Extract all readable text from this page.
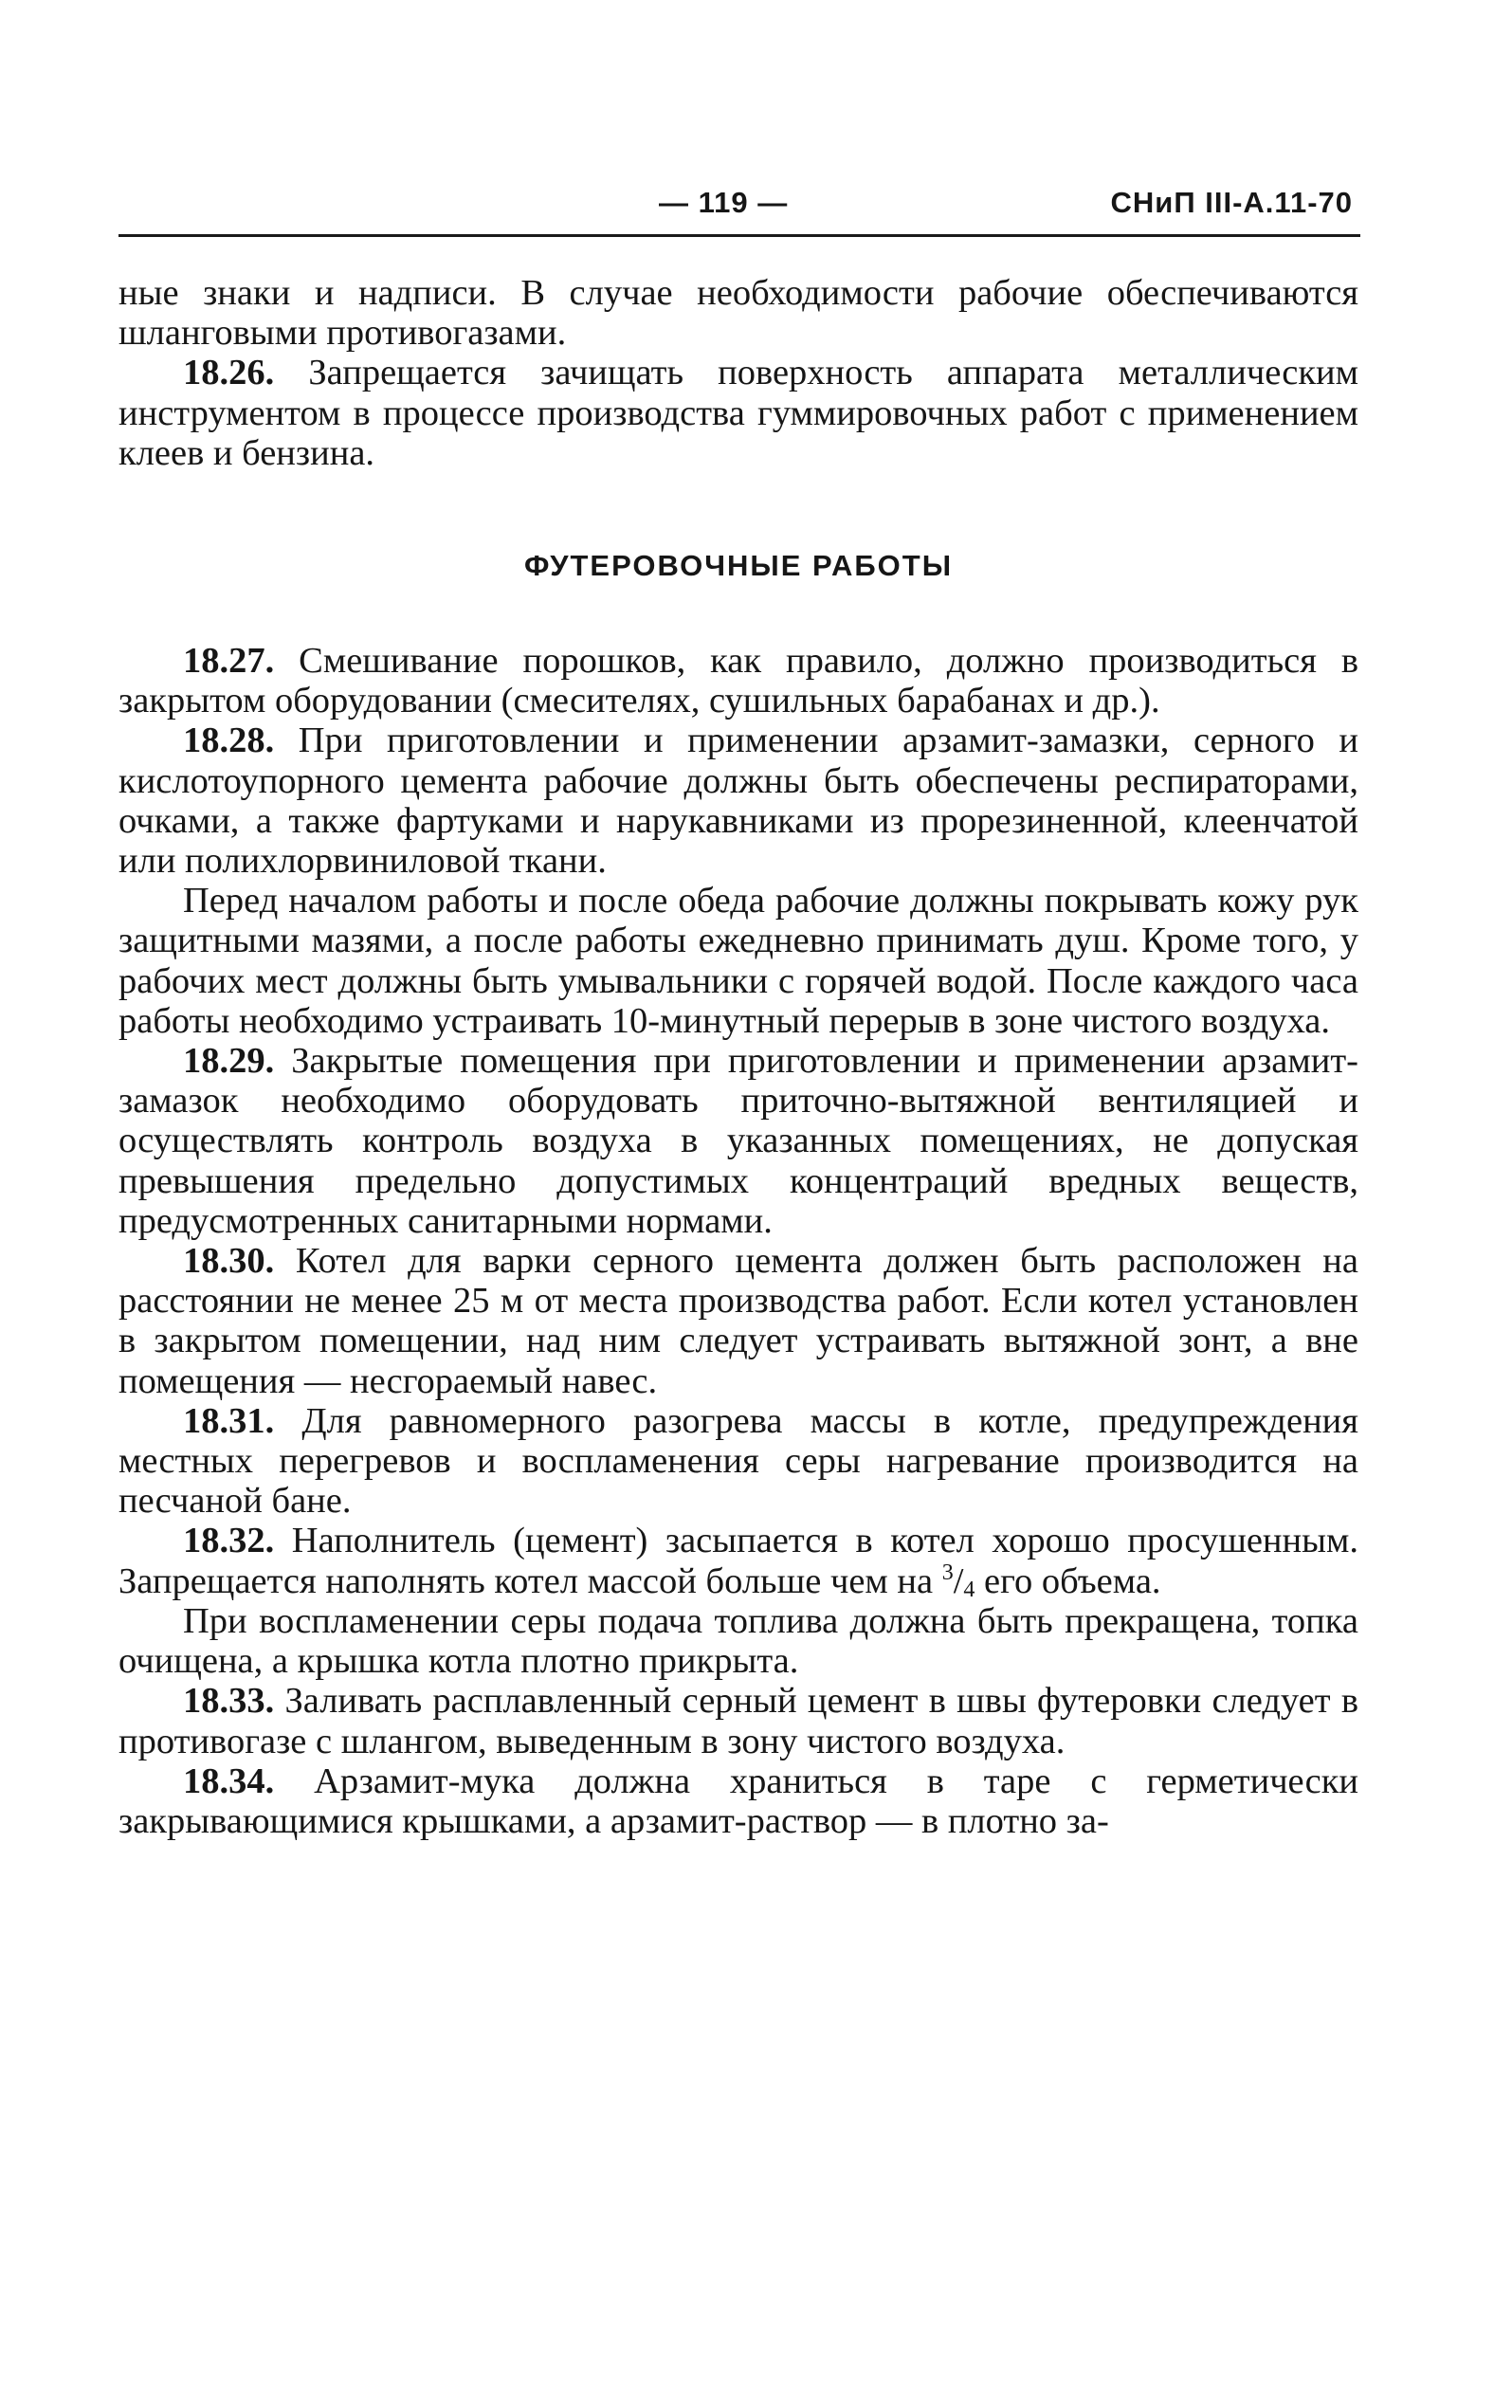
— 119 —	СНиП III-А.11-70

ные знаки и надписи. В случае необходимости рабочие обеспечиваются шланговыми противогазами.

18.26. Запрещается зачищать поверхность аппарата металлическим инструментом в процессе производства гуммировочных работ с применением клеев и бензина.

ФУТЕРОВОЧНЫЕ РАБОТЫ

18.27. Смешивание порошков, как правило, должно производиться в закрытом оборудовании (смесителях, сушильных барабанах и др.).

18.28. При приготовлении и применении арзамит-замазки, серного и кислотоупорного цемента рабочие должны быть обеспечены респираторами, очками, а также фартуками и нарукавниками из прорезиненной, клеенчатой или полихлорвиниловой ткани.

Перед началом работы и после обеда рабочие должны покрывать кожу рук защитными мазями, а после работы ежедневно принимать душ. Кроме того, у рабочих мест должны быть умывальники с горячей водой. После каждого часа работы необходимо устраивать 10-минутный перерыв в зоне чистого воздуха.

18.29. Закрытые помещения при приготовлении и применении арзамит-замазок необходимо оборудовать приточно-вытяжной вентиляцией и осуществлять контроль воздуха в указанных помещениях, не допуская превышения предельно допустимых концентраций вредных веществ, предусмотренных санитарными нормами.

18.30. Котел для варки серного цемента должен быть расположен на расстоянии не менее 25 м от места производства работ. Если котел установлен в закрытом помещении, над ним следует устраивать вытяжной зонт, а вне помещения — несгораемый навес.

18.31. Для равномерного разогрева массы в котле, предупреждения местных перегревов и воспламенения серы нагревание производится на песчаной бане.

18.32. Наполнитель (цемент) засыпается в котел хорошо просушенным. Запрещается наполнять котел массой больше чем на $^3$/4 его объема.

При воспламенении серы подача топлива должна быть прекращена, топка очищена, а крышка котла плотно прикрыта.

18.33. Заливать расплавленный серный цемент в швы футеровки следует в противогазе с шлангом, выведенным в зону чистого воздуха.

18.34. Арзамит-мука должна храниться в таре с герметически закрывающимися крышками, а арзамит-раствор — в плотно за-
